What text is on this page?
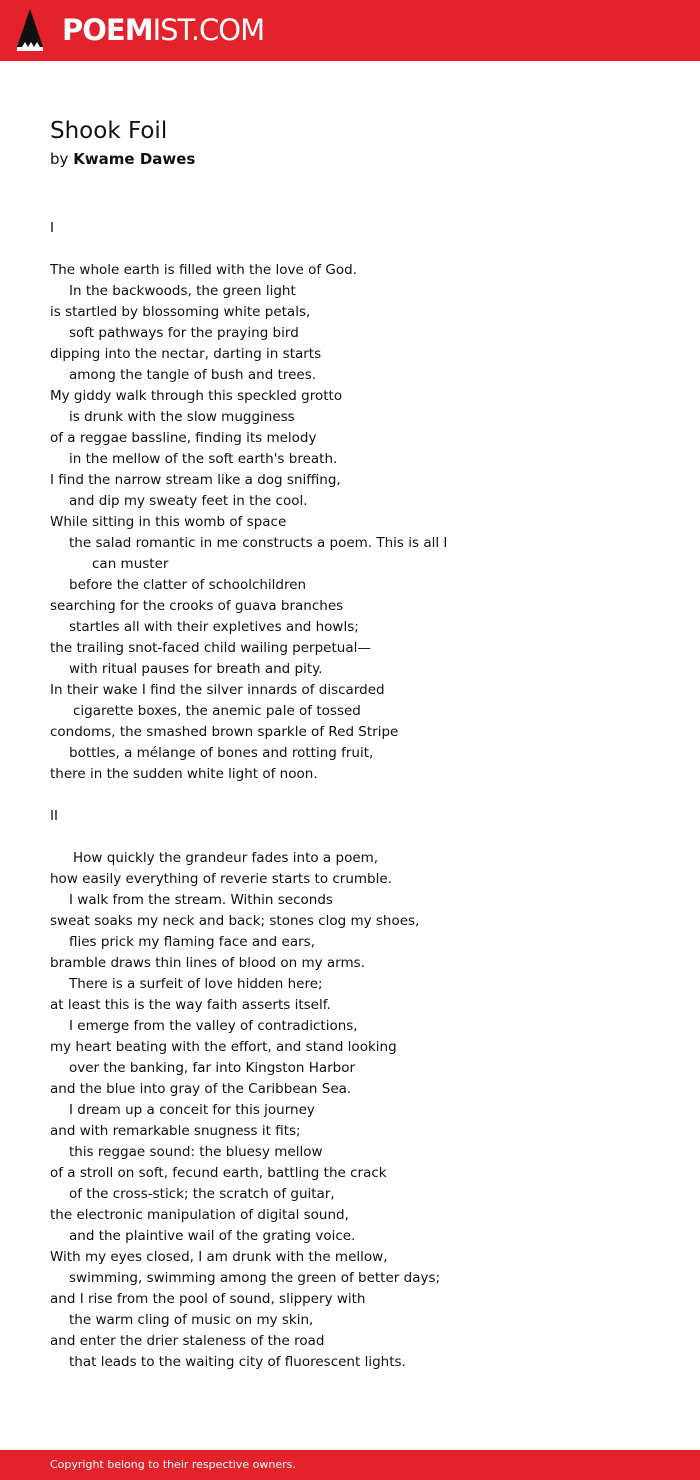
POEMIST.COM
Shook Foil
by Kwame Dawes
I
The whole earth is filled with the love of God.
In the backwoods, the green light
is startled by blossoming white petals,
soft pathways for the praying bird
dipping into the nectar, darting in starts
among the tangle of bush and trees.
My giddy walk through this speckled grotto
is drunk with the slow mugginess
of a reggae bassline, finding its melody
in the mellow of the soft earth's breath.
I find the narrow stream like a dog sniffing,
and dip my sweaty feet in the cool.
While sitting in this womb of space
the salad romantic in me constructs a poem. This is all I
can muster
before the clatter of schoolchildren
searching for the crooks of guava branches
startles all with their expletives and howls;
the trailing snot-faced child wailing perpetual—
with ritual pauses for breath and pity.
In their wake I find the silver innards of discarded
cigarette boxes, the anemic pale of tossed
condoms, the smashed brown sparkle of Red Stripe
bottles, a mélange of bones and rotting fruit,
there in the sudden white light of noon.
II
How quickly the grandeur fades into a poem,
how easily everything of reverie starts to crumble.
I walk from the stream. Within seconds
sweat soaks my neck and back; stones clog my shoes,
flies prick my flaming face and ears,
bramble draws thin lines of blood on my arms.
There is a surfeit of love hidden here;
at least this is the way faith asserts itself.
I emerge from the valley of contradictions,
my heart beating with the effort, and stand looking
over the banking, far into Kingston Harbor
and the blue into gray of the Caribbean Sea.
I dream up a conceit for this journey
and with remarkable snugness it fits;
this reggae sound: the bluesy mellow
of a stroll on soft, fecund earth, battling the crack
of the cross-stick; the scratch of guitar,
the electronic manipulation of digital sound,
and the plaintive wail of the grating voice.
With my eyes closed, I am drunk with the mellow,
swimming, swimming among the green of better days;
and I rise from the pool of sound, slippery with
the warm cling of music on my skin,
and enter the drier staleness of the road
that leads to the waiting city of fluorescent lights.
Copyright belong to their respective owners.
